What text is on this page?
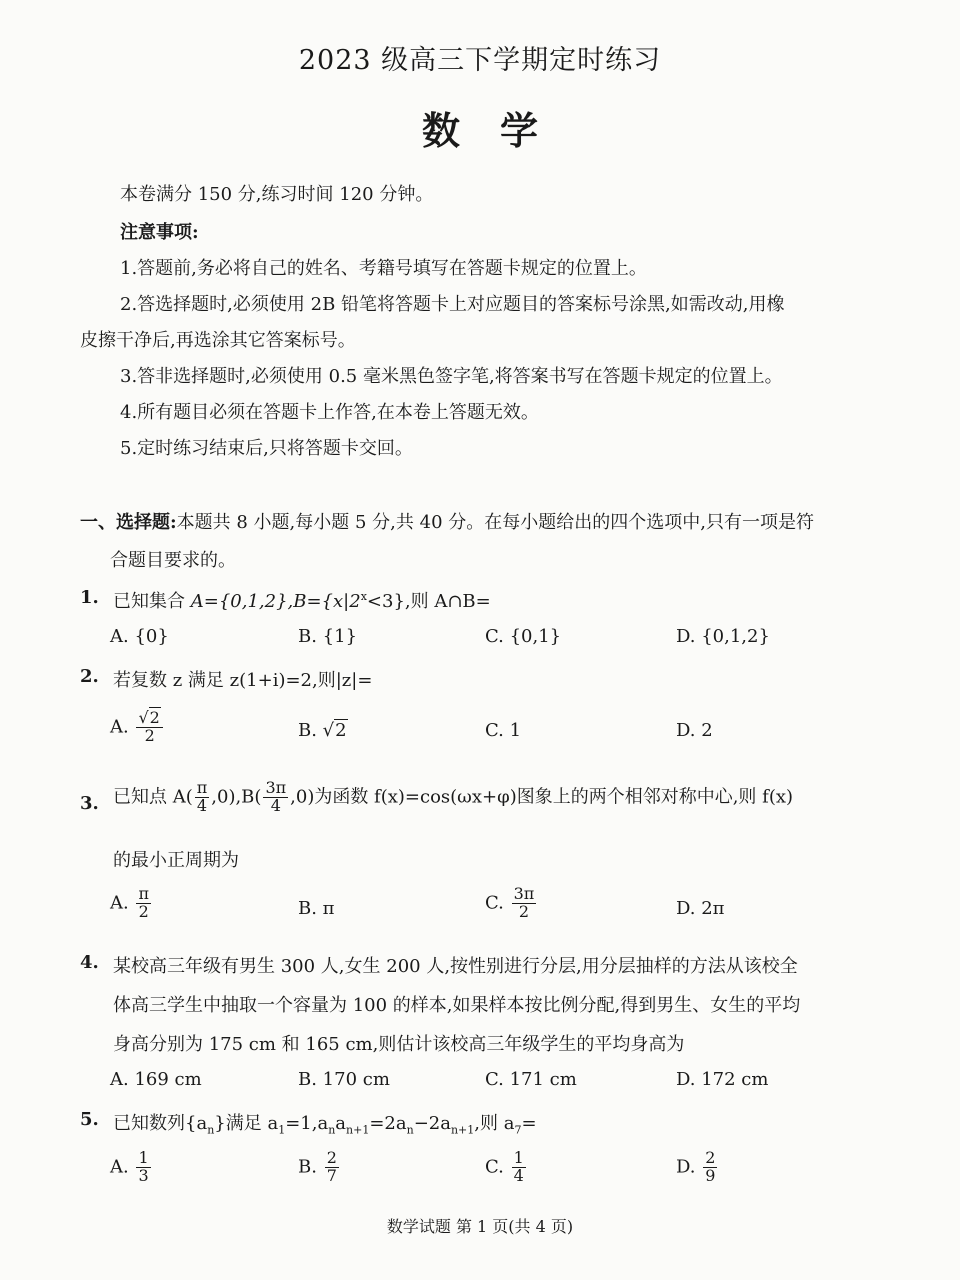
2023 级高三下学期定时练习
数学
本卷满分 150 分,练习时间 120 分钟。
注意事项:
1.答题前,务必将自己的姓名、考籍号填写在答题卡规定的位置上。
2.答选择题时,必须使用 2B 铅笔将答题卡上对应题目的答案标号涂黑,如需改动,用橡
皮擦干净后,再选涂其它答案标号。
3.答非选择题时,必须使用 0.5 毫米黑色签字笔,将答案书写在答题卡规定的位置上。
4.所有题目必须在答题卡上作答,在本卷上答题无效。
5.定时练习结束后,只将答题卡交回。
一、选择题:本题共 8 小题,每小题 5 分,共 40 分。在每小题给出的四个选项中,只有一项是符
合题目要求的。
1. 已知集合 $A=\{0,1,2\},B=\{x|2^x<3\}$,则 A∩B=
A. {0}	B. {1}	C. {0,1}	D. {0,1,2}
2. 若复数 z 满足 z(1+i)=2,则|z|=
A. $\frac{√2}{2}$	B. √2	C. 1	D. 2
3. 已知点 $A( \frac{\pi}{4} ,0),B( \frac{3\pi}{4} ,0)$为函数 f(x)=cos(ωx+φ)图象上的两个相邻对称中心,则 f(x)
的最小正周期为
A. $\frac{\pi}{2}$	B. π	C. $\frac{3\pi}{2}$	D. 2π
4. 某校高三年级有男生 300 人,女生 200 人,按性别进行分层,用分层抽样的方法从该校全
体高三学生中抽取一个容量为 100 的样本,如果样本按比例分配,得到男生、女生的平均
身高分别为 175 cm 和 165 cm,则估计该校高三年级学生的平均身高为
A. 169 cm	B. 170 cm	C. 171 cm	D. 172 cm
5. 已知数列$\{a_n\}$满足 $a_1=1,a_na_{n+1}=2a_n-2a_{n+1}$,则 $a_7=$
A. $\frac{1}{3}$	B. $\frac{2}{7}$	C. $\frac{1}{4}$	D. $\frac{2}{9}$
数学试题 第 1 页(共 4 页)
